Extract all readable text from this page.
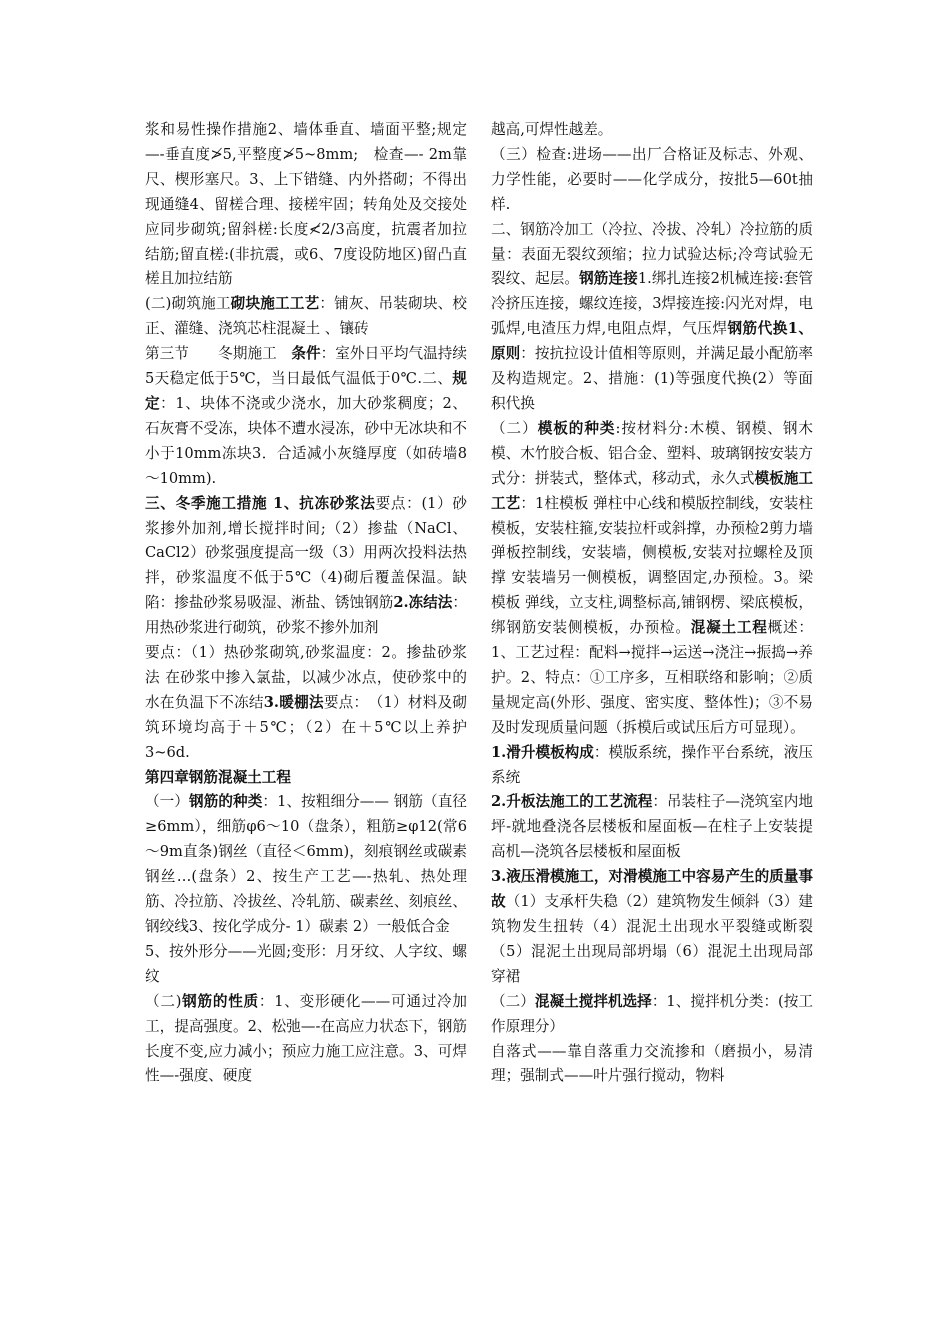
浆和易性操作措施2、墙体垂直、墙面平整;规定—-垂直度≯5,平整度≯5~8mm;　检查—- 2m靠尺、楔形塞尺。3、上下错缝、内外搭砌；不得出现通缝4、留槎合理、接槎牢固；转角处及交接处应同步砌筑;留斜槎:长度≮2/3高度，抗震者加拉结筋;留直槎:(非抗震，或6、7度设防地区)留凸直槎且加拉结筋

(二)砌筑施工砌块施工工艺：铺灰、吊装砌块、校正、灌缝、浇筑芯柱混凝土 、镶砖

第三节　　冬期施工　条件：室外日平均气温持续5天稳定低于5℃，当日最低气温低于0℃.二、规定：1、块体不浇或少浇水，加大砂浆稠度；2、石灰膏不受冻，块体不遭水浸冻，砂中无冰块和不小于10mm冻块3．合适减小灰缝厚度（如砖墙8～10mm).

三、冬季施工措施 1、抗冻砂浆法要点：(1）砂浆掺外加剂,增长搅拌时间;（2）掺盐（NaCl、CaCl2）砂浆强度提高一级（3）用两次投料法热拌，砂浆温度不低于5℃（4)砌后覆盖保温。缺陷：掺盐砂浆易吸湿、淅盐、锈蚀钢筋2.冻结法：用热砂浆进行砌筑，砂浆不掺外加剂

要点：（1）热砂浆砌筑,砂浆温度：2。掺盐砂浆法 在砂浆中掺入氯盐，以减少冰点，使砂浆中的水在负温下不冻结3.暖棚法要点：　（1）材料及砌筑环境均高于＋5℃；（2）在＋5℃以上养护3~6d.

第四章钢筋混凝土工程

（一）钢筋的种类：1、按粗细分—— 钢筋（直径≥6mm），细筋φ6～10（盘条），粗筋≥φ12(常6～9m直条)钢丝（直径＜6mm)，刻痕钢丝或碳素钢丝…(盘条）2、按生产工艺—-热轧、热处理筋、冷拉筋、冷拔丝、冷轧筋、碳素丝、刻痕丝、钢绞线3、按化学成分- 1）碳素 2）一般低合金

5、按外形分——光圆;变形：月牙纹、人字纹、螺纹

（二)钢筋的性质：1、变形硬化——可通过冷加工，提高强度。2、松弛—-在高应力状态下，钢筋长度不变,应力减小；预应力施工应注意。3、可焊性—-强度、硬度

越高,可焊性越差。

（三）检查:进场——出厂合格证及标志、外观、力学性能，必要时——化学成分，按批5—60t抽样.

二、钢筋冷加工（冷拉、冷拔、冷轧）冷拉筋的质量：表面无裂纹颈缩；拉力试验达标;冷弯试验无裂纹、起层。钢筋连接1.绑扎连接2机械连接:套管冷挤压连接，螺纹连接，3焊接连接:闪光对焊，电弧焊,电渣压力焊,电阻点焊，气压焊钢筋代换1、原则：按抗拉设计值相等原则，并满足最小配筋率及构造规定。2、措施：(1)等强度代换(2）等面积代换

（二）模板的种类:按材料分:木模、钢模、钢木模、木竹胶合板、铝合金、塑料、玻璃钢按安装方式分：拼装式，整体式，移动式，永久式模板施工工艺：1柱模板 弹柱中心线和模版控制线，安装柱模板，安装柱箍,安装拉杆或斜撑，办预检2剪力墙弹板控制线，安装墙，侧模板,安装对拉螺栓及顶撑 安装墙另一侧模板，调整固定,办预检。3。梁模板 弹线，立支柱,调整标高,铺钢楞、梁底模板，绑钢筋安装侧模板，办预检。混凝土工程概述：1、工艺过程：配料→搅拌→运送→浇注→振捣→养护。2、特点：①工序多，互相联络和影响；②质量规定高(外形、强度、密实度、整体性)；③不易及时发现质量问题（拆模后或试压后方可显现）。

1.滑升模板构成：模版系统，操作平台系统，液压系统

2.升板法施工的工艺流程：吊装柱子—浇筑室内地坪-就地叠浇各层楼板和屋面板—在柱子上安装提高机—浇筑各层楼板和屋面板

3.液压滑模施工，对滑模施工中容易产生的质量事故（1）支承杆失稳（2）建筑物发生倾斜（3）建筑物发生扭转（4）混泥土出现水平裂缝或断裂（5）混泥土出现局部坍塌（6）混泥土出现局部穿裙

（二）混凝土搅拌机选择：1、搅拌机分类：(按工作原理分）

自落式——靠自落重力交流掺和（磨损小，易清理；强制式——叶片强行搅动，物料
